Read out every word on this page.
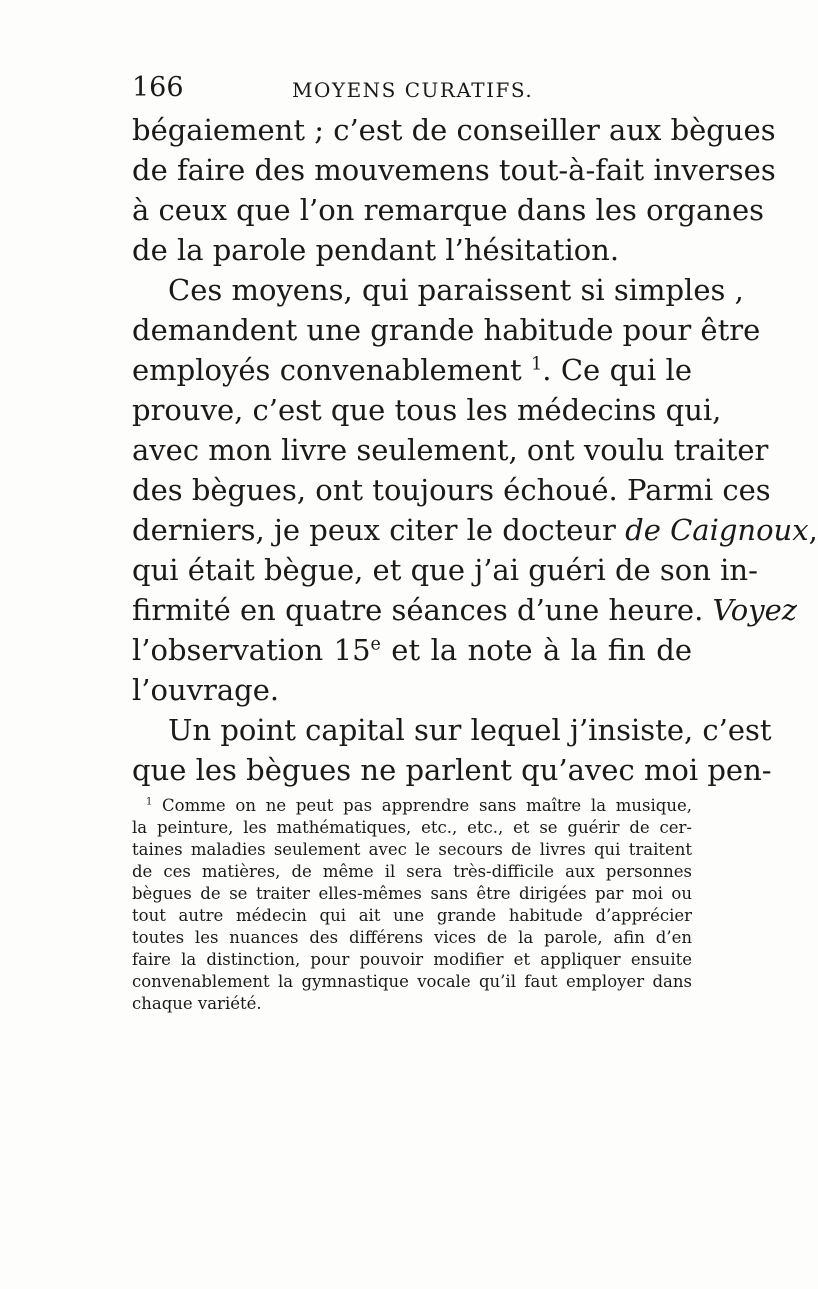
166	MOYENS CURATIFS.
bégaiement ; c’est de conseiller aux bègues
de faire des mouvemens tout-à-fait inverses
à ceux que l’on remarque dans les organes
de la parole pendant l’hésitation.
Ces moyens, qui paraissent si simples ,
demandent une grande habitude pour être
employés convenablement $^1$. Ce qui le
prouve, c’est que tous les médecins qui,
avec mon livre seulement, ont voulu traiter
des bègues, ont toujours échoué. Parmi ces
derniers, je peux citer le docteur de Caignoux,
qui était bègue, et que j’ai guéri de son in-
firmité en quatre séances d’une heure. Voyez
l’observation 15e et la note à la fin de
l’ouvrage.
Un point capital sur lequel j’insiste, c’est
que les bègues ne parlent qu’avec moi pen-
$^1$ Comme on ne peut pas apprendre sans maître la musique,
la peinture, les mathématiques, etc., etc., et se guérir de cer-
taines maladies seulement avec le secours de livres qui traitent
de ces matières, de même il sera très-difficile aux personnes
bègues de se traiter elles-mêmes sans être dirigées par moi ou
tout autre médecin qui ait une grande habitude d’apprécier
toutes les nuances des différens vices de la parole, afin d’en
faire la distinction, pour pouvoir modifier et appliquer ensuite
convenablement la gymnastique vocale qu’il faut employer dans
chaque variété.
